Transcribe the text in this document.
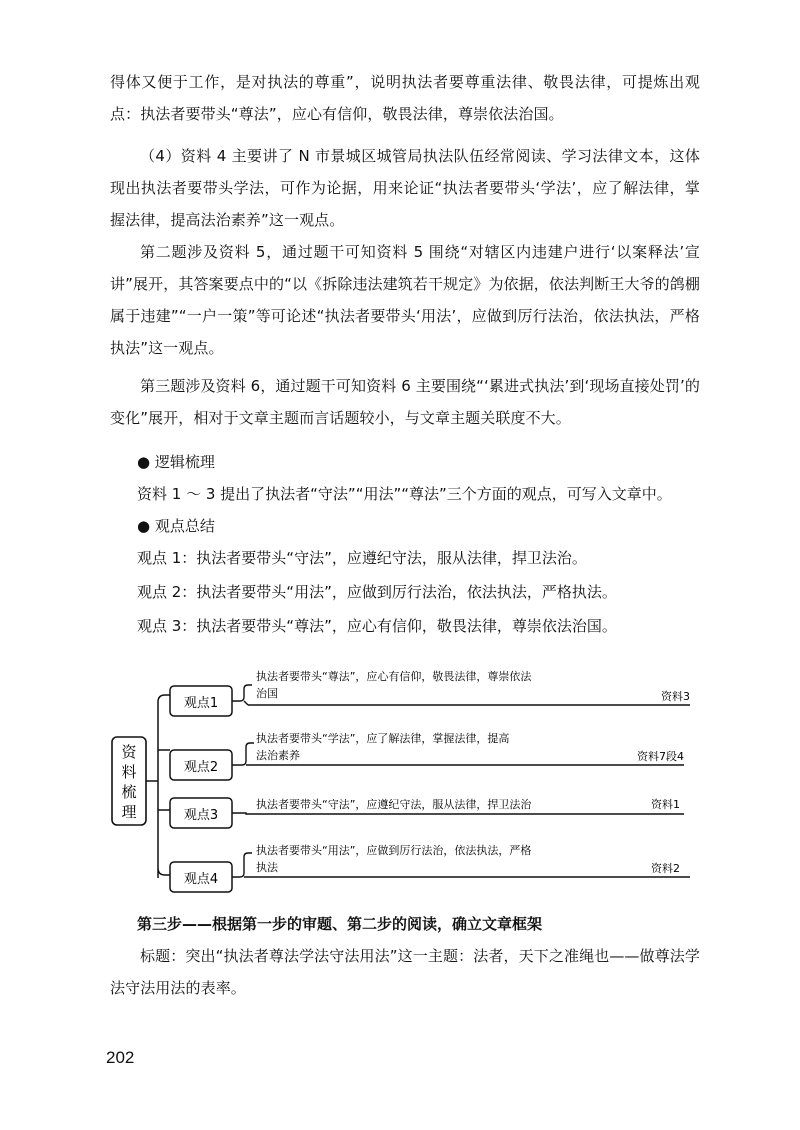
得体又便于工作，是对执法的尊重”，说明执法者要尊重法律、敬畏法律，可提炼出观点：执法者要带头“尊法”，应心有信仰，敬畏法律，尊崇依法治国。

（4）资料 4 主要讲了 N 市景城区城管局执法队伍经常阅读、学习法律文本，这体现出执法者要带头学法，可作为论据，用来论证“执法者要带头‘学法’，应了解法律，掌握法律，提高法治素养”这一观点。

第二题涉及资料 5，通过题干可知资料 5 围绕“对辖区内违建户进行‘以案释法’宣讲”展开，其答案要点中的“以《拆除违法建筑若干规定》为依据，依法判断王大爷的鸽棚属于违建”“一户一策”等可论述“执法者要带头‘用法’，应做到厉行法治，依法执法，严格执法”这一观点。

第三题涉及资料 6，通过题干可知资料 6 主要围绕“‘累进式执法’到‘现场直接处罚’的变化”展开，相对于文章主题而言话题较小，与文章主题关联度不大。

● 逻辑梳理

资料 1 ～ 3 提出了执法者“守法”“用法”“尊法”三个方面的观点，可写入文章中。

● 观点总结

观点 1：执法者要带头“守法”，应遵纪守法，服从法律，捍卫法治。

观点 2：执法者要带头“用法”，应做到厉行法治，依法执法，严格执法。

观点 3：执法者要带头“尊法”，应心有信仰，敬畏法律，尊崇依法治国。

资
料
梳
理
观点1
执法者要带头“尊法”，应心有信仰，敬畏法律，尊崇依法
治国	资料3
观点2
执法者要带头“学法”，应了解法律，掌握法律，提高
法治素养	资料7段4
观点3
执法者要带头“守法”，应遵纪守法，服从法律，捍卫法治	资料1
观点4
执法者要带头“用法”，应做到厉行法治，依法执法，严格
执法	资料2

第三步——根据第一步的审题、第二步的阅读，确立文章框架

标题：突出“执法者尊法学法守法用法”这一主题：法者，天下之准绳也——做尊法学法守法用法的表率。

202
